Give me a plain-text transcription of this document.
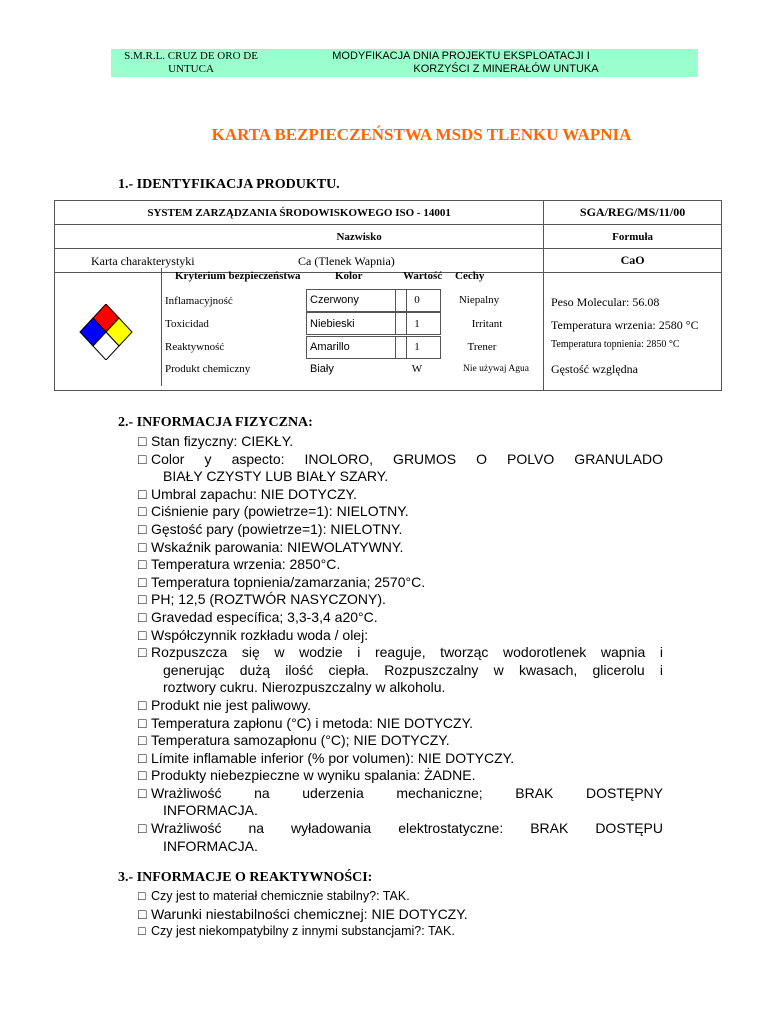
S.M.R.L. CRUZ DE ORO DE
UNTUCA
MODYFIKACJA DNIA PROJEKTU EKSPLOATACJI I
KORZYŚCI Z MINERAŁÓW UNTUKA
KARTA BEZPIECZEŃSTWA MSDS TLENKU WAPNIA
1.- IDENTYFIKACJA PRODUKTU.
SYSTEM ZARZĄDZANIA ŚRODOWISKOWEGO ISO - 14001	SGA/REG/MS/11/00
Nazwisko	Formuła

Karta charakterystyki Ca (Tlenek Wapnia)	CaO

Kryterium bezpieczeństwa	Kolor	Wartość Cechy
Inflamacyjność	Czerwony	0	Niepalny
Toxicidad	Niebieski	1	Irritant
Reaktywność	Amarillo	1	Trener
Produkt chemiczny	Biały	W	Nie używaj Agua
Peso Molecular: 56.08
Temperatura wrzenia: 2580 °C
Temperatura topnienia: 2850 °C
Gęstość względna
2.- INFORMACJA FIZYCZNA:
□ Stan fizyczny: CIEKŁY.
□ Color y aspecto: INOLORO, GRUMOS O POLVO GRANULADO
BIAŁY CZYSTY LUB BIAŁY SZARY.
□ Umbral zapachu: NIE DOTYCZY.
□ Ciśnienie pary (powietrze=1): NIELOTNY.
□ Gęstość pary (powietrze=1): NIELOTNY.
□ Wskaźnik parowania: NIEWOLATYWNY.
□ Temperatura wrzenia: 2850°C.
□ Temperatura topnienia/zamarzania; 2570°C.
□ PH; 12,5 (ROZTWÓR NASYCZONY).
□ Gravedad específica; 3,3-3,4 a20°C.
□ Współczynnik rozkładu woda / olej:
□ Rozpuszcza się w wodzie i reaguje, tworząc wodorotlenek wapnia i
generując dużą ilość ciepła. Rozpuszczalny w kwasach, glicerolu i
roztwory cukru. Nierozpuszczalny w alkoholu.
□ Produkt nie jest paliwowy.
□ Temperatura zapłonu (°C) i metoda: NIE DOTYCZY.
□ Temperatura samozapłonu (°C); NIE DOTYCZY.
□ Límite inflamable inferior (% por volumen): NIE DOTYCZY.
□ Produkty niebezpieczne w wyniku spalania: ŻADNE.
□ Wrażliwość na uderzenia mechaniczne; BRAK DOSTĘPNY
INFORMACJA.
□ Wrażliwość na wyładowania elektrostatyczne: BRAK DOSTĘPU
INFORMACJA.
3.- INFORMACJE O REAKTYWNOŚCI:
□ Czy jest to materiał chemicznie stabilny?: TAK.
□ Warunki niestabilności chemicznej: NIE DOTYCZY.
□ Czy jest niekompatybilny z innymi substancjami?: TAK.
